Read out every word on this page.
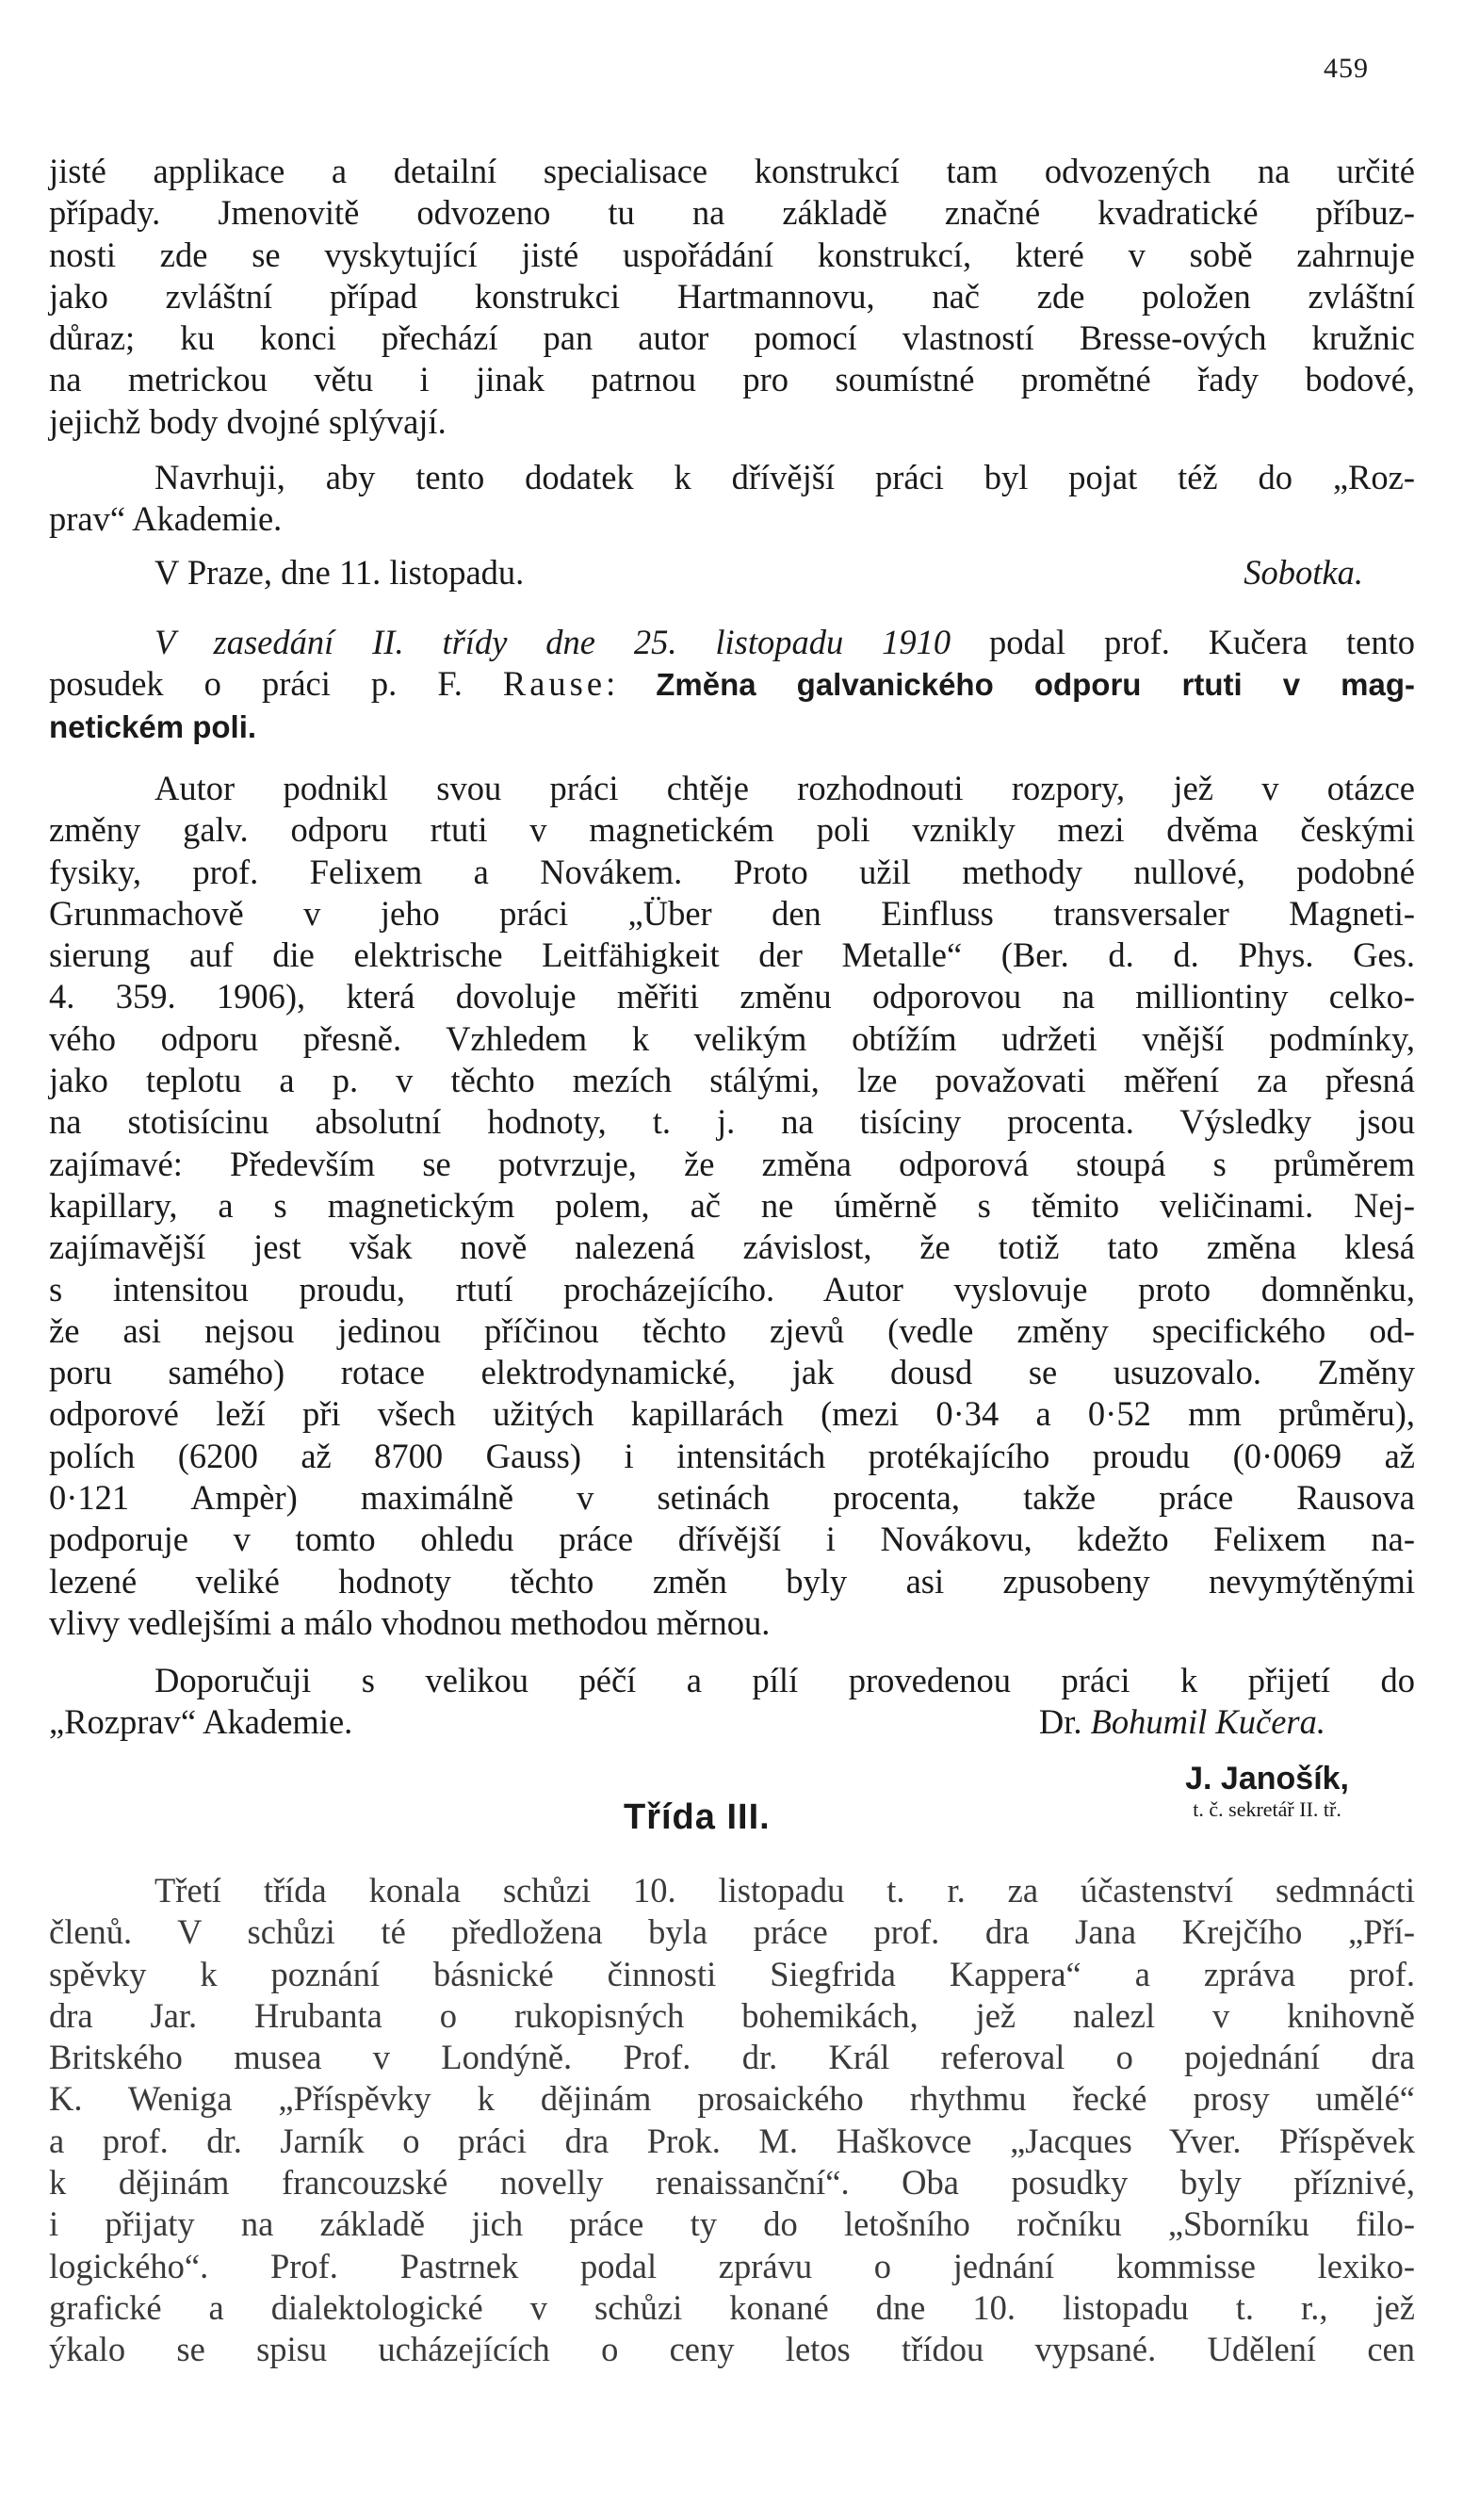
459
jisté applikace a detailní specialisace konstrukcí tam odvozených na určité
případy. Jmenovitě odvozeno tu na základě značné kvadratické příbuz-
nosti zde se vyskytující jisté uspořádání konstrukcí, které v sobě zahrnuje
jako zvláštní případ konstrukci Hartmannovu, nač zde položen zvláštní
důraz; ku konci přechází pan autor pomocí vlastností Bresse-ových kružnic
na metrickou větu i jinak patrnou pro soumístné promětné řady bodové,
jejichž body dvojné splývají.
Navrhuji, aby tento dodatek k dřívější práci byl pojat též do „Roz-
prav“ Akademie.
V Praze, dne 11. listopadu.	Sobotka.
V zasedání II. třídy dne 25. listopadu 1910 podal prof. Kučera tento
posudek o práci p. F. Rause: Změna galvanického odporu rtuti v mag-
netickém poli.
Autor podnikl svou práci chtěje rozhodnouti rozpory, jež v otázce
změny galv. odporu rtuti v magnetickém poli vznikly mezi dvěma českými
fysiky, prof. Felixem a Novákem. Proto užil methody nullové, podobné
Grunmachově v jeho práci „Über den Einfluss transversaler Magneti-
sierung auf die elektrische Leitfähigkeit der Metalle“ (Ber. d. d. Phys. Ges.
4. 359. 1906), která dovoluje měřiti změnu odporovou na milliontiny celko-
vého odporu přesně. Vzhledem k velikým obtížím udržeti vnější podmínky,
jako teplotu a p. v těchto mezích stálými, lze považovati měření za přesná
na stotisícinu absolutní hodnoty, t. j. na tisíciny procenta. Výsledky jsou
zajímavé: Především se potvrzuje, že změna odporová stoupá s průměrem
kapillary, a s magnetickým polem, ač ne úměrně s těmito veličinami. Nej-
zajímavější jest však nově nalezená závislost, že totiž tato změna klesá
s intensitou proudu, rtutí procházejícího. Autor vyslovuje proto domněnku,
že asi nejsou jedinou příčinou těchto zjevů (vedle změny specifického od-
poru samého) rotace elektrodynamické, jak dousd se usuzovalo. Změny
odporové leží při všech užitých kapillarách (mezi 0·34 a 0·52 mm průměru),
polích (6200 až 8700 Gauss) i intensitách protékajícího proudu (0·0069 až
0·121 Ampèr) maximálně v setinách procenta, takže práce Rausova
podporuje v tomto ohledu práce dřívější i Novákovu, kdežto Felixem na-
lezené veliké hodnoty těchto změn byly asi zpusobeny nevymýtěnými
vlivy vedlejšími a málo vhodnou methodou měrnou.
Doporučuji s velikou péčí a pílí provedenou práci k přijetí do
„Rozprav“ Akademie.	Dr. Bohumil Kučera.
J. Janošík,
t. č. sekretář II. tř.
Třída III.
Třetí třída konala schůzi 10. listopadu t. r. za účastenství sedmnácti
členů. V schůzi té předložena byla práce prof. dra Jana Krejčího „Pří-
spěvky k poznání básnické činnosti Siegfrida Kappera“ a zpráva prof.
dra Jar. Hrubanta o rukopisných bohemikách, jež nalezl v knihovně
Britského musea v Londýně. Prof. dr. Král referoval o pojednání dra
K. Weniga „Příspěvky k dějinám prosaického rhythmu řecké prosy umělé“
a prof. dr. Jarník o práci dra Prok. M. Haškovce „Jacques Yver. Příspěvek
k dějinám francouzské novelly renaissanční“. Oba posudky byly příznivé,
i přijaty na základě jich práce ty do letošního ročníku „Sborníku filo-
logického“. Prof. Pastrnek podal zprávu o jednání kommisse lexiko-
grafické a dialektologické v schůzi konané dne 10. listopadu t. r., jež
ýkalo se spisu ucházejících o ceny letos třídou vypsané. Udělení cen
